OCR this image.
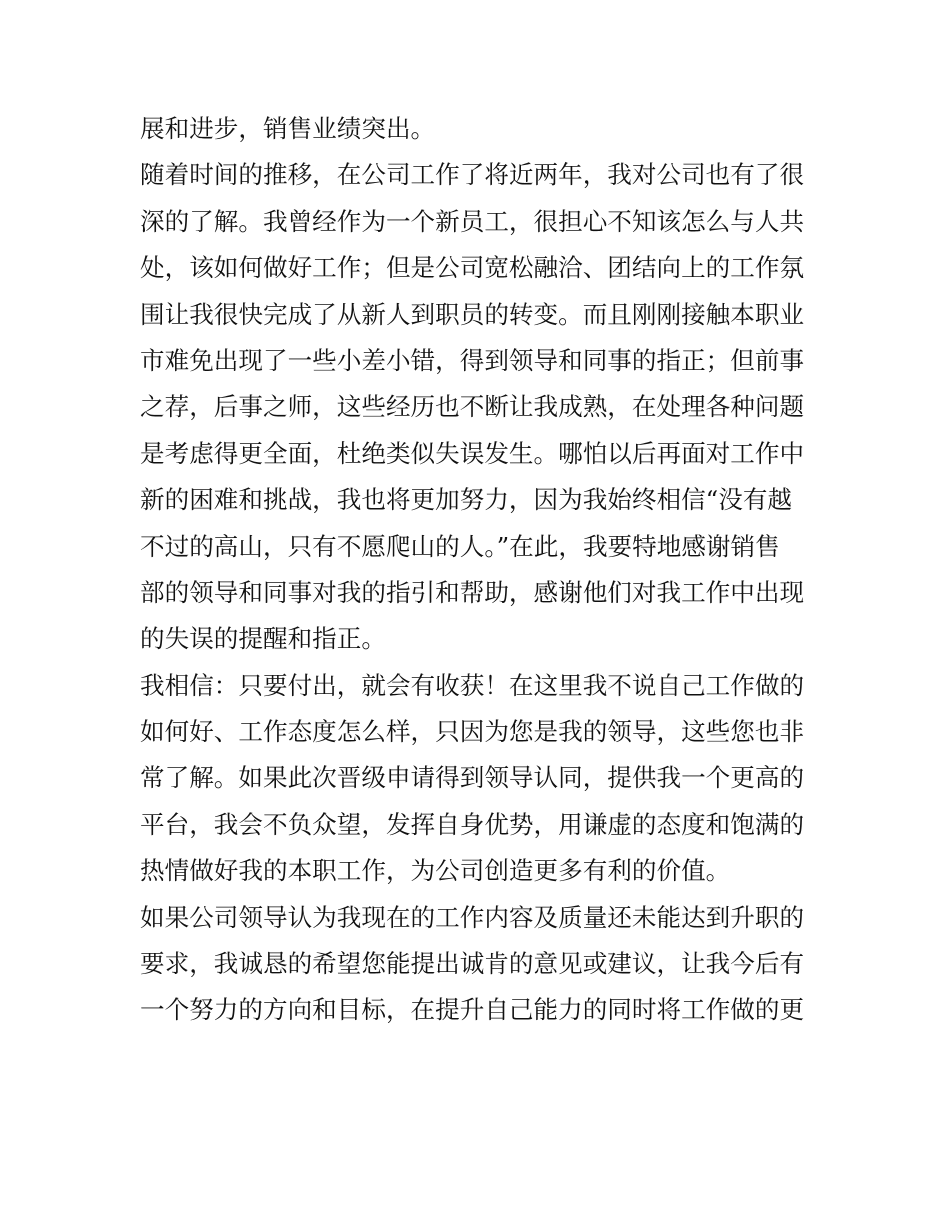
展和进步，销售业绩突出。
随着时间的推移，在公司工作了将近两年，我对公司也有了很
深的了解。我曾经作为一个新员工，很担心不知该怎么与人共
处，该如何做好工作；但是公司宽松融洽、团结向上的工作氛
围让我很快完成了从新人到职员的转变。而且刚刚接触本职业
市难免出现了一些小差小错，得到领导和同事的指正；但前事
之荐，后事之师，这些经历也不断让我成熟，在处理各种问题
是考虑得更全面，杜绝类似失误发生。哪怕以后再面对工作中
新的困难和挑战，我也将更加努力，因为我始终相信“没有越
不过的高山，只有不愿爬山的人。”在此，我要特地感谢销售
部的领导和同事对我的指引和帮助，感谢他们对我工作中出现
的失误的提醒和指正。
我相信：只要付出，就会有收获！在这里我不说自己工作做的
如何好、工作态度怎么样，只因为您是我的领导，这些您也非
常了解。如果此次晋级申请得到领导认同，提供我一个更高的
平台，我会不负众望，发挥自身优势，用谦虚的态度和饱满的
热情做好我的本职工作，为公司创造更多有利的价值。
如果公司领导认为我现在的工作内容及质量还未能达到升职的
要求，我诚恳的希望您能提出诚肯的意见或建议，让我今后有
一个努力的方向和目标，在提升自己能力的同时将工作做的更
